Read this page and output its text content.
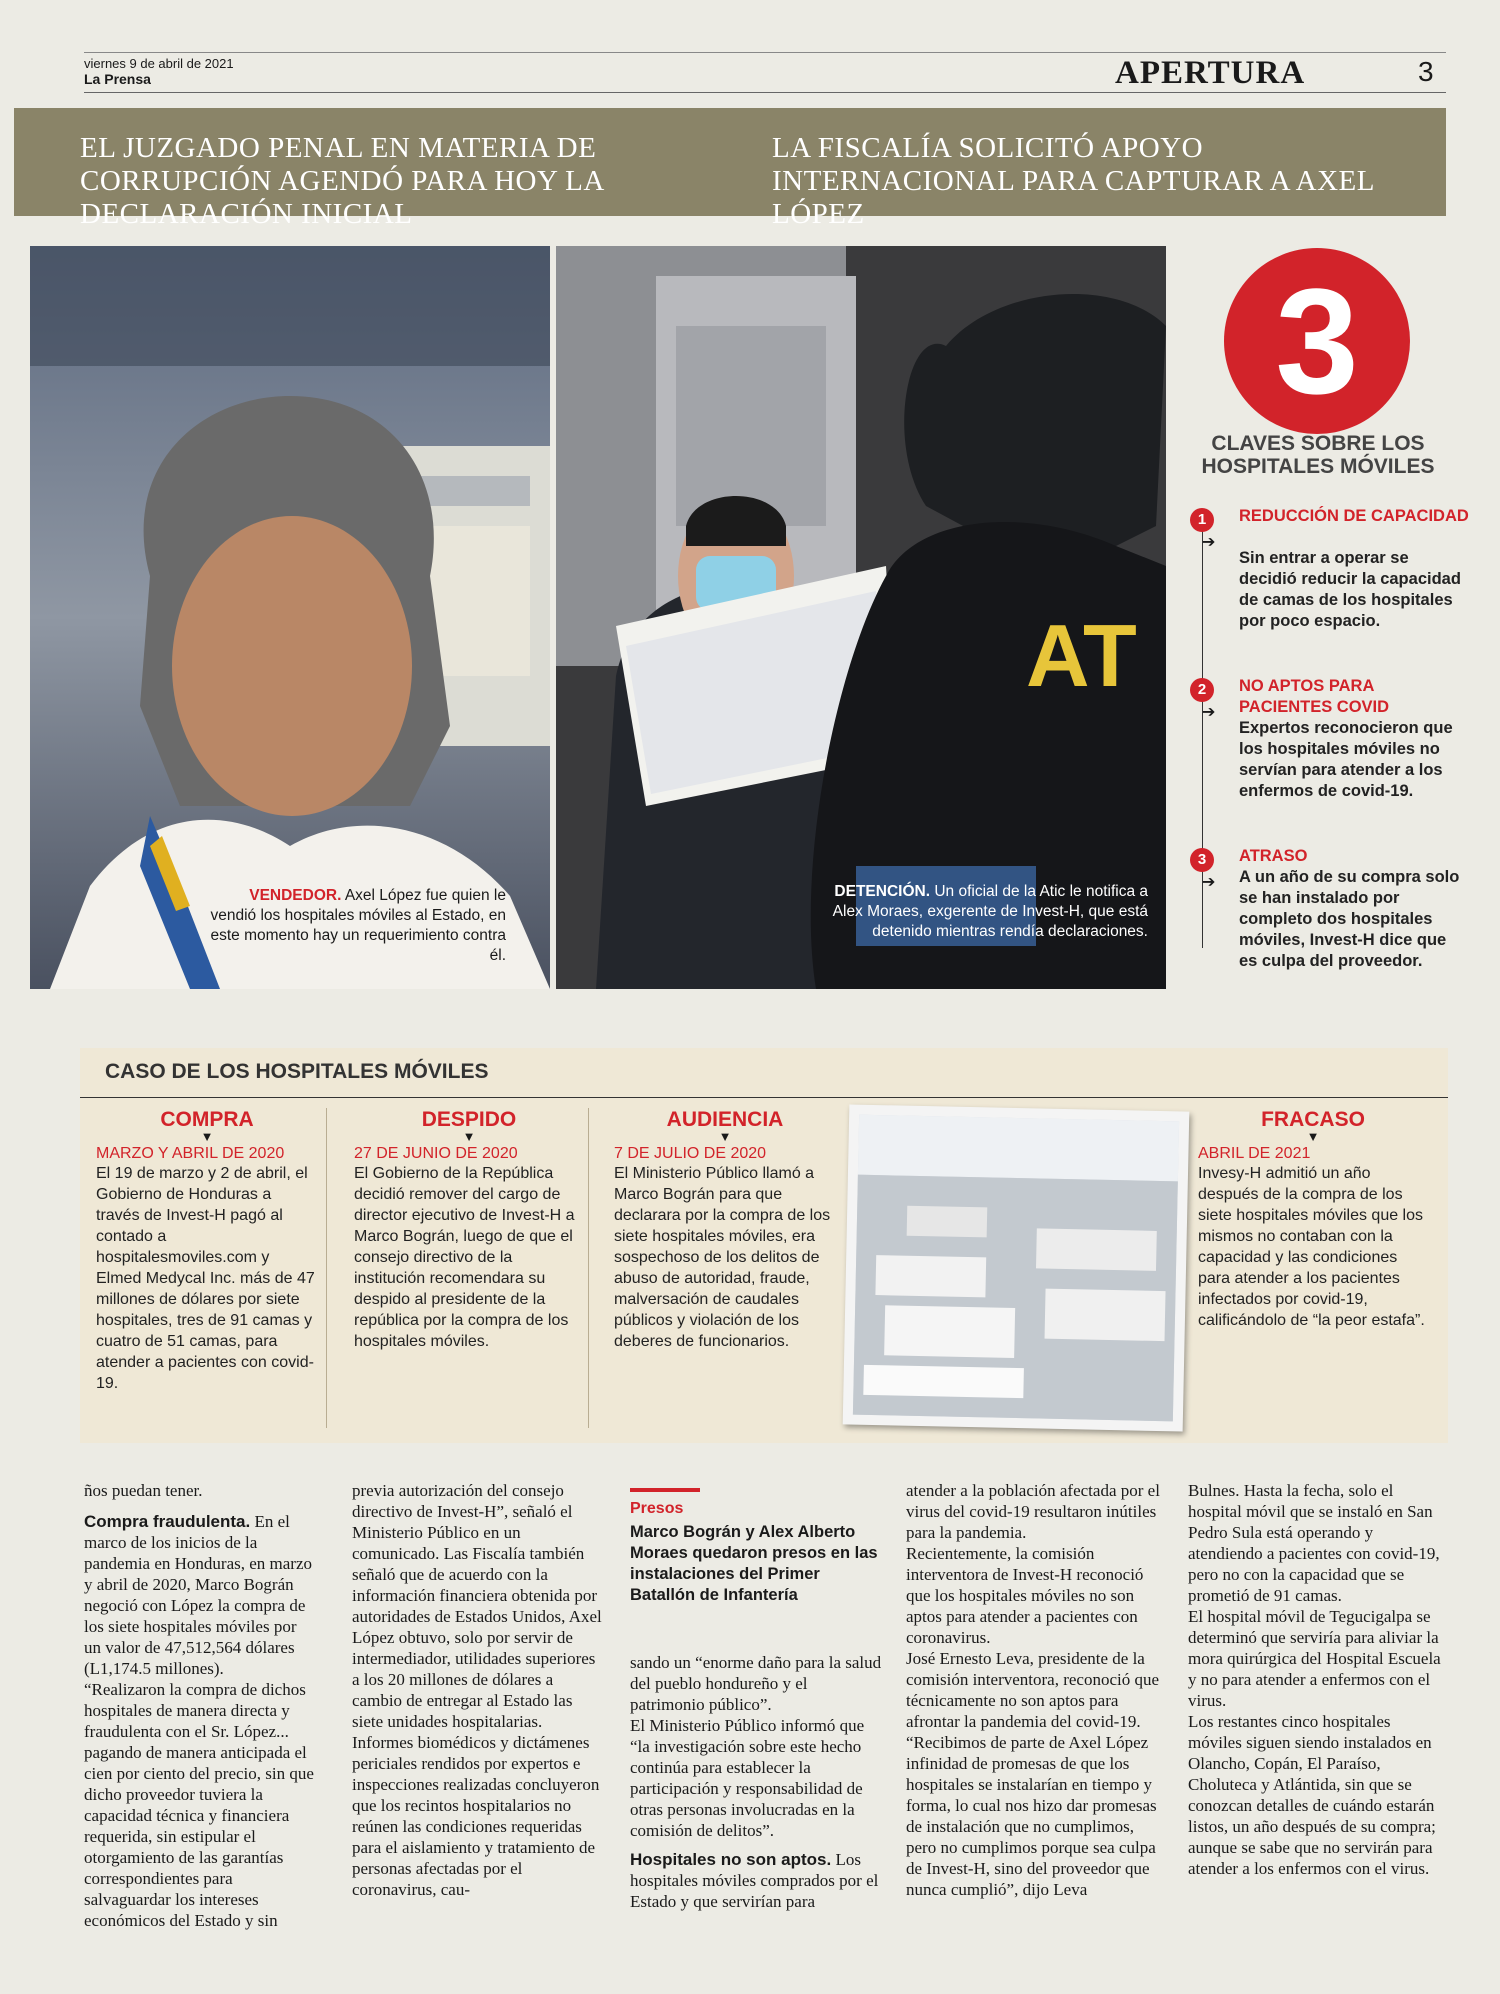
viernes 9 de abril de 2021
La Prensa	APERTURA	3
EL JUZGADO PENAL EN MATERIA DE CORRUPCIÓN AGENDÓ PARA HOY LA DECLARACIÓN INICIAL
LA FISCALÍA SOLICITÓ APOYO INTERNACIONAL PARA CAPTURAR A AXEL LÓPEZ
VENDEDOR. Axel López fue quien le vendió los hospitales móviles al Estado, en este momento hay un requerimiento contra él.
AT
DETENCIÓN. Un oficial de la Atic le notifica a Alex Moraes, exgerente de Invest-H, que está detenido mientras rendía declaraciones.
3
CLAVES SOBRE LOS HOSPITALES MÓVILES
1
➔
REDUCCIÓN DE CAPACIDAD
Sin entrar a operar se decidió reducir la capacidad de camas de los hospitales por poco espacio.
2
➔
NO APTOS PARA PACIENTES COVID
Expertos reconocieron que los hospitales móviles no servían para atender a los enfermos de covid-19.
3
➔
ATRASO
A un año de su compra solo se han instalado por completo dos hospitales móviles, Invest-H dice que es culpa del proveedor.
CASO DE LOS HOSPITALES MÓVILES
COMPRA
▼
MARZO Y ABRIL DE 2020
El 19 de marzo y 2 de abril, el Gobierno de Honduras a través de Invest-H pagó al contado a hospitalesmoviles.com y Elmed Medycal Inc. más de 47 millones de dólares por siete hospitales, tres de 91 camas y cuatro de 51 camas, para atender a pacientes con covid-19.
DESPIDO
▼
27 DE JUNIO DE 2020
El Gobierno de la República decidió remover del cargo de director ejecutivo de Invest-H a Marco Bográn, luego de que el consejo directivo de la institución recomendara su despido al presidente de la república por la compra de los hospitales móviles.
AUDIENCIA
▼
7 DE JULIO DE 2020
El Ministerio Público llamó a Marco Bográn para que declarara por la compra de los siete hospitales móviles, era sospechoso de los delitos de abuso de autoridad, fraude, malversación de caudales públicos y violación de los deberes de funcionarios.
FRACASO
▼
ABRIL DE 2021
Invesy-H admitió un año después de la compra de los siete hospitales móviles que los mismos no contaban con la capacidad y las condiciones para atender a los pacientes infectados por covid-19, calificándolo de “la peor estafa”.

ños puedan tener.

Compra fraudulenta. En el marco de los inicios de la pandemia en Honduras, en marzo y abril de 2020, Marco Bográn negoció con López la compra de los siete hospitales móviles por un valor de 47,512,564 dólares (L1,174.5 millones).

“Realizaron la compra de dichos hospitales de manera directa y fraudulenta con el Sr. López... pagando de manera anticipada el cien por ciento del precio, sin que dicho proveedor tuviera la capacidad técnica y financiera requerida, sin estipular el otorgamiento de las garantías correspondientes para salvaguardar los intereses económicos del Estado y sin

previa autorización del consejo directivo de Invest-H”, señaló el Ministerio Público en un comunicado. Las Fiscalía también señaló que de acuerdo con la información financiera obtenida por autoridades de Estados Unidos, Axel López obtuvo, solo por servir de intermediador, utilidades superiores a los 20 millones de dólares a cambio de entregar al Estado las siete unidades hospitalarias.

Informes biomédicos y dictámenes periciales rendidos por expertos e inspecciones realizadas concluyeron que los recintos hospitalarios no reúnen las condiciones requeridas para el aislamiento y tratamiento de personas afectadas por el coronavirus, cau-

Presos
Marco Bográn y Alex Alberto Moraes quedaron presos en las instalaciones del Primer Batallón de Infantería

sando un “enorme daño para la salud del pueblo hondureño y el patrimonio público”.

El Ministerio Público informó que “la investigación sobre este hecho continúa para establecer la participación y responsabilidad de otras personas involucradas en la comisión de delitos”.

Hospitales no son aptos. Los hospitales móviles comprados por el Estado y que servirían para

atender a la población afectada por el virus del covid-19 resultaron inútiles para la pandemia.

Recientemente, la comisión interventora de Invest-H reconoció que los hospitales móviles no son aptos para atender a pacientes con coronavirus.

José Ernesto Leva, presidente de la comisión interventora, reconoció que técnicamente no son aptos para afrontar la pandemia del covid-19.

“Recibimos de parte de Axel López infinidad de promesas de que los hospitales se instalarían en tiempo y forma, lo cual nos hizo dar promesas de instalación que no cumplimos, pero no cumplimos porque sea culpa de Invest-H, sino del proveedor que nunca cumplió”, dijo Leva

Bulnes. Hasta la fecha, solo el hospital móvil que se instaló en San Pedro Sula está operando y atendiendo a pacientes con covid-19, pero no con la capacidad que se prometió de 91 camas.

El hospital móvil de Tegucigalpa se determinó que serviría para aliviar la mora quirúrgica del Hospital Escuela y no para atender a enfermos con el virus.

Los restantes cinco hospitales móviles siguen siendo instalados en Olancho, Copán, El Paraíso, Choluteca y Atlántida, sin que se conozcan detalles de cuándo estarán listos, un año después de su compra; aunque se sabe que no servirán para atender a los enfermos con el virus.
